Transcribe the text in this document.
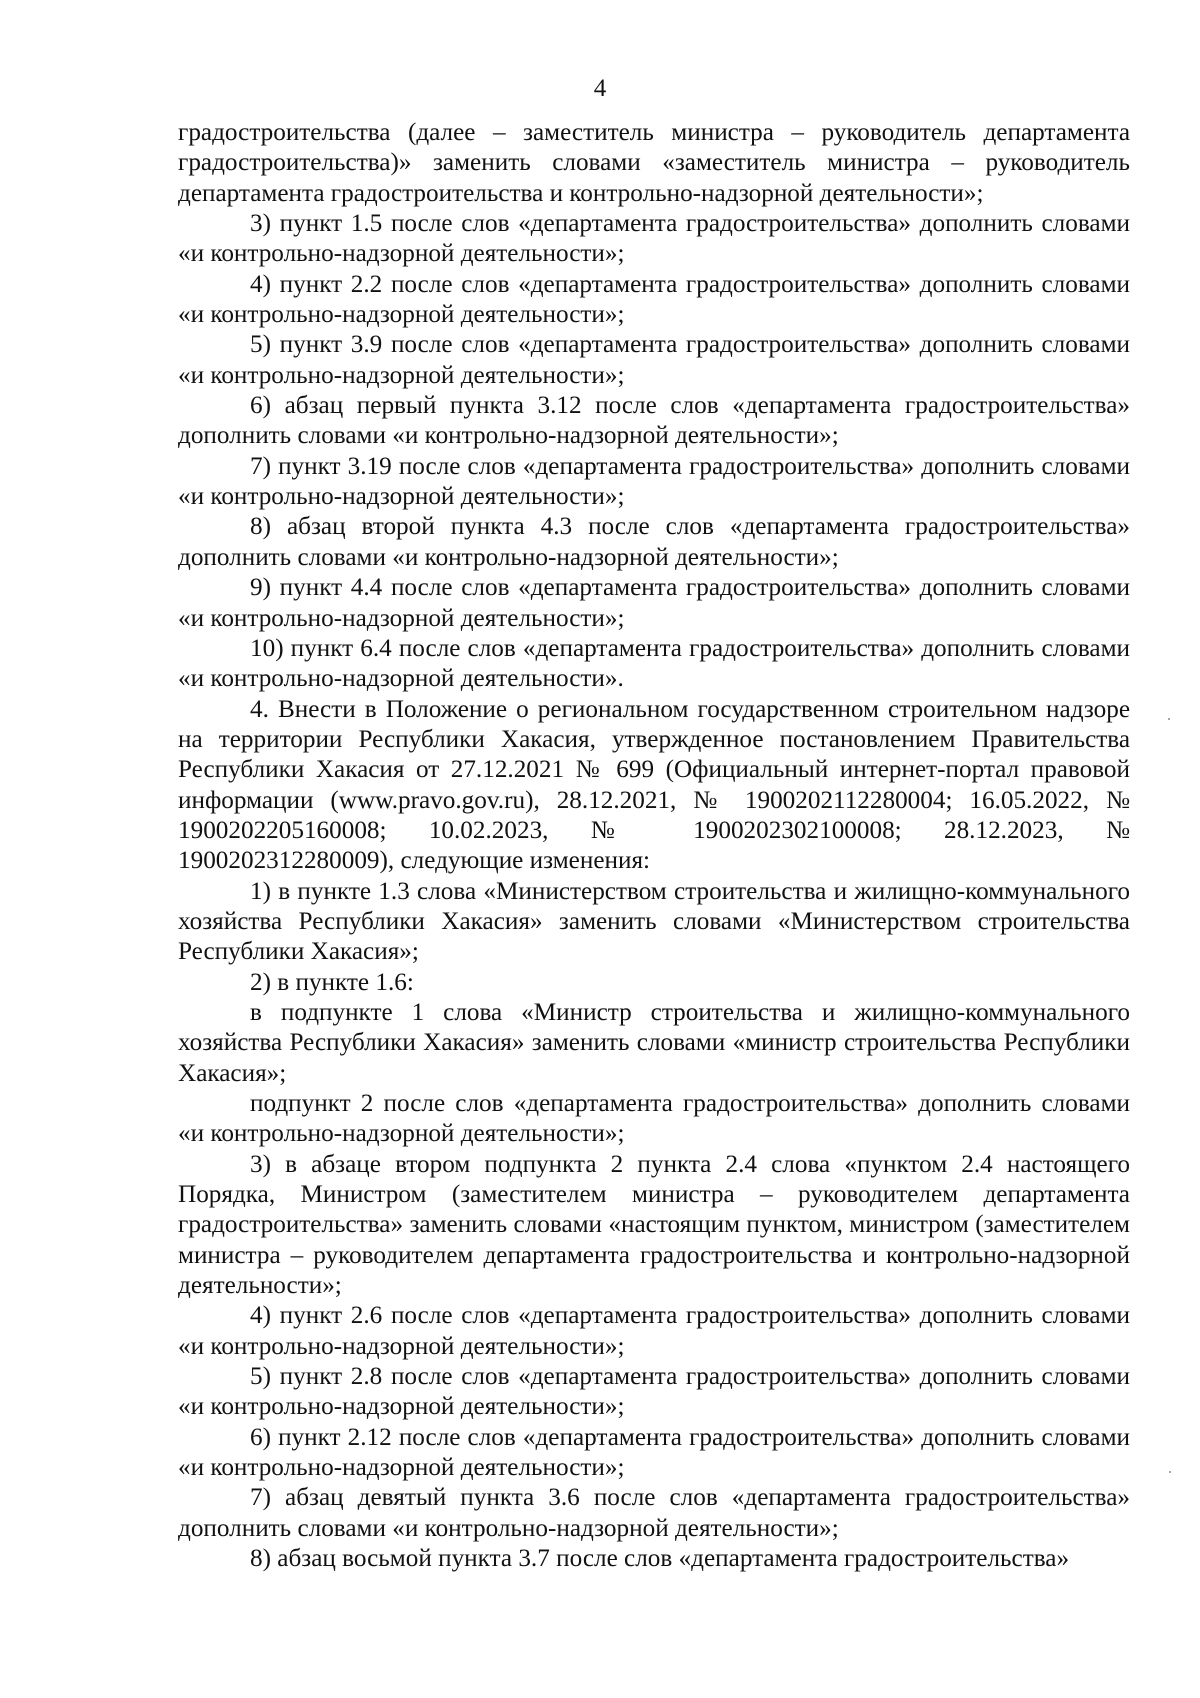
4

градостроительства (далее – заместитель министра – руководитель департамента градостроительства)» заменить словами «заместитель министра – руководитель департамента градостроительства и контрольно-надзорной деятельности»;

3) пункт 1.5 после слов «департамента градостроительства» дополнить словами «и контрольно-надзорной деятельности»;

4) пункт 2.2 после слов «департамента градостроительства» дополнить словами «и контрольно-надзорной деятельности»;

5) пункт 3.9 после слов «департамента градостроительства» дополнить словами «и контрольно-надзорной деятельности»;

6) абзац первый пункта 3.12 после слов «департамента градостроительства» дополнить словами «и контрольно-надзорной деятельности»;

7) пункт 3.19 после слов «департамента градостроительства» дополнить словами «и контрольно-надзорной деятельности»;

8) абзац второй пункта 4.3 после слов «департамента градостроительства» дополнить словами «и контрольно-надзорной деятельности»;

9) пункт 4.4 после слов «департамента градостроительства» дополнить словами «и контрольно-надзорной деятельности»;

10) пункт 6.4 после слов «департамента градостроительства» дополнить словами «и контрольно-надзорной деятельности».

4. Внести в Положение о региональном государственном строительном надзоре на территории Республики Хакасия, утвержденное постановлением Правительства Республики Хакасия от 27.12.2021 № 699 (Официальный интернет-портал правовой информации (www.pravo.gov.ru), 28.12.2021, № 1900202112280004; 16.05.2022, № 1900202205160008; 10.02.2023, № 1900202302100008; 28.12.2023, № 1900202312280009), следующие изменения:

1) в пункте 1.3 слова «Министерством строительства и жилищно-коммунального хозяйства Республики Хакасия» заменить словами «Министерством строительства Республики Хакасия»;

2) в пункте 1.6:

в подпункте 1 слова «Министр строительства и жилищно-коммунального хозяйства Республики Хакасия» заменить словами «министр строительства Республики Хакасия»;

подпункт 2 после слов «департамента градостроительства» дополнить словами «и контрольно-надзорной деятельности»;

3) в абзаце втором подпункта 2 пункта 2.4 слова «пунктом 2.4 настоящего Порядка, Министром (заместителем министра – руководителем департамента градостроительства» заменить словами «настоящим пунктом, министром (заместителем министра – руководителем департамента градостроительства и контрольно-надзорной деятельности»;

4) пункт 2.6 после слов «департамента градостроительства» дополнить словами «и контрольно-надзорной деятельности»;

5) пункт 2.8 после слов «департамента градостроительства» дополнить словами «и контрольно-надзорной деятельности»;

6) пункт 2.12 после слов «департамента градостроительства» дополнить словами «и контрольно-надзорной деятельности»;

7) абзац девятый пункта 3.6 после слов «департамента градостроительства» дополнить словами «и контрольно-надзорной деятельности»;

8) абзац восьмой пункта 3.7 после слов «департамента градостроительства»
